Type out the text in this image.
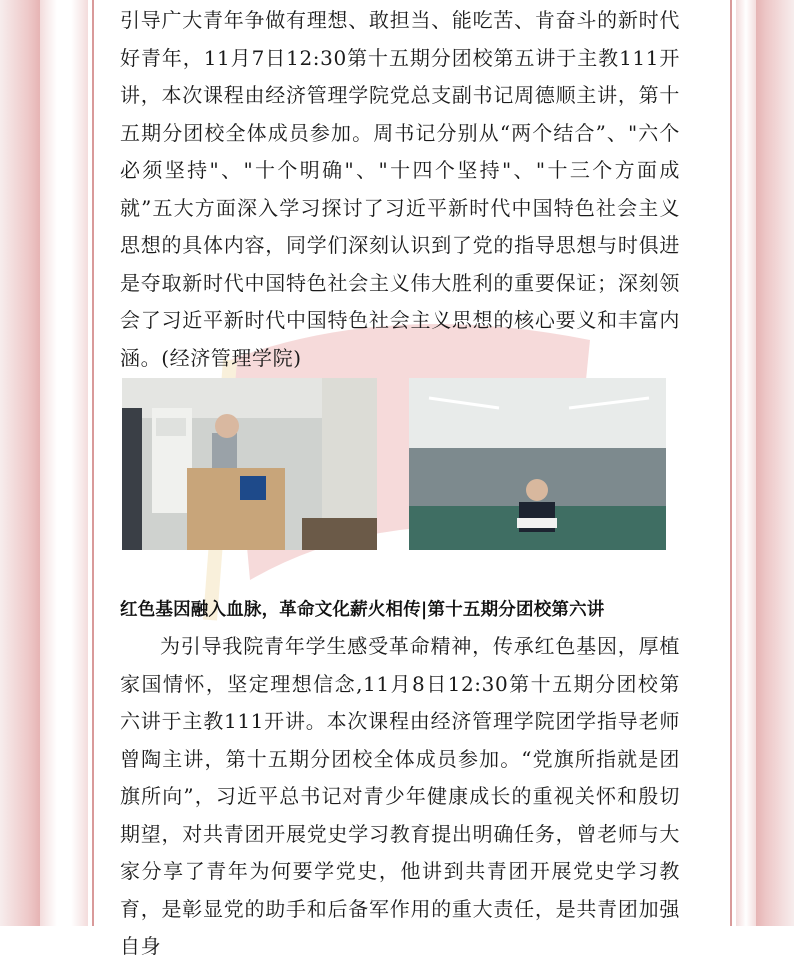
引导广大青年争做有理想、敢担当、能吃苦、肯奋斗的新时代好青年，11月7日12:30第十五期分团校第五讲于主教111开讲，本次课程由经济管理学院党总支副书记周德顺主讲，第十五期分团校全体成员参加。周书记分别从“两个结合”、"六个必须坚持"、"十个明确"、"十四个坚持"、"十三个方面成就”五大方面深入学习探讨了习近平新时代中国特色社会主义思想的具体内容，同学们深刻认识到了党的指导思想与时俱进是夺取新时代中国特色社会主义伟大胜利的重要保证；深刻领会了习近平新时代中国特色社会主义思想的核心要义和丰富内涵。(经济管理学院)

红色基因融入血脉，革命文化薪火相传|第十五期分团校第六讲

为引导我院青年学生感受革命精神，传承红色基因，厚植家国情怀，坚定理想信念,11月8日12:30第十五期分团校第六讲于主教111开讲。本次课程由经济管理学院团学指导老师曾陶主讲，第十五期分团校全体成员参加。“党旗所指就是团旗所向”，习近平总书记对青少年健康成长的重视关怀和殷切期望，对共青团开展党史学习教育提出明确任务，曾老师与大家分享了青年为何要学党史，他讲到共青团开展党史学习教育，是彰显党的助手和后备军作用的重大责任，是共青团加强自身
